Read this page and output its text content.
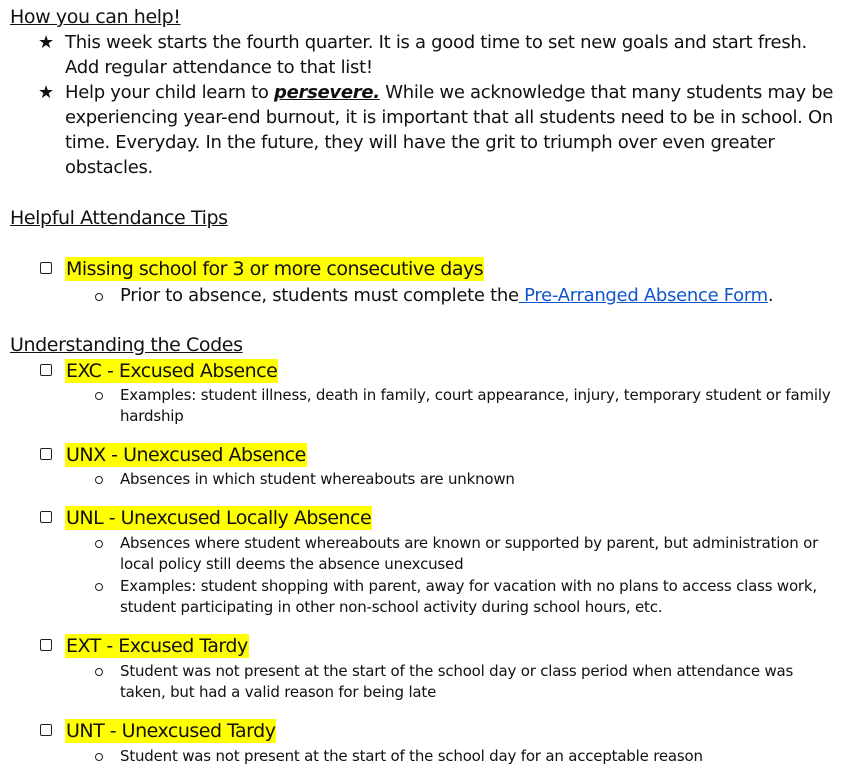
How you can help!
★ This week starts the fourth quarter. It is a good time to set new goals and start fresh. Add regular attendance to that list!
★ Help your child learn to persevere. While we acknowledge that many students may be experiencing year-end burnout, it is important that all students need to be in school. On time. Everyday. In the future, they will have the grit to triumph over even greater obstacles.
Helpful Attendance Tips
Missing school for 3 or more consecutive days
Prior to absence, students must complete the Pre-Arranged Absence Form.
Understanding the Codes
EXC - Excused Absence
Examples: student illness, death in family, court appearance, injury, temporary student or family hardship
UNX - Unexcused Absence
Absences in which student whereabouts are unknown
UNL - Unexcused Locally Absence
Absences where student whereabouts are known or supported by parent, but administration or local policy still deems the absence unexcused
Examples: student shopping with parent, away for vacation with no plans to access class work, student participating in other non-school activity during school hours, etc.
EXT - Excused Tardy
Student was not present at the start of the school day or class period when attendance was taken, but had a valid reason for being late
UNT - Unexcused Tardy
Student was not present at the start of the school day for an acceptable reason
